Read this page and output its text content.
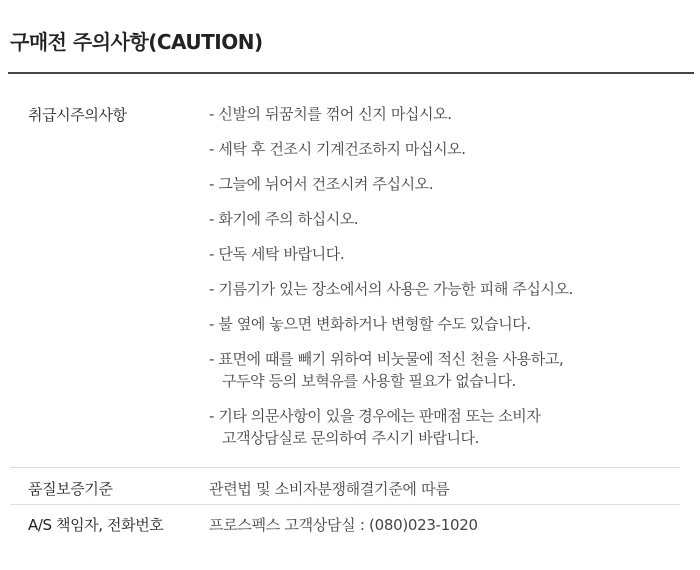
구매전 주의사항(CAUTION)
취급시주의사항	- 신발의 뒤꿈치를 꺾어 신지 마십시오.
- 세탁 후 건조시 기계건조하지 마십시오.
- 그늘에 뉘어서 건조시켜 주십시오.
- 화기에 주의 하십시오.
- 단독 세탁 바랍니다.
- 기름기가 있는 장소에서의 사용은 가능한 피해 주십시오.
- 불 옆에 놓으면 변화하거나 변형할 수도 있습니다.
- 표면에 때를 빼기 위하여 비눗물에 적신 천을 사용하고,
구두약 등의 보혁유를 사용할 필요가 없습니다.
- 기타 의문사항이 있을 경우에는 판매점 또는 소비자
고객상담실로 문의하여 주시기 바랍니다.
품질보증기준	관련법 및 소비자분쟁해결기준에 따름
A/S 책임자, 전화번호	프로스펙스 고객상담실 : (080)023-1020
